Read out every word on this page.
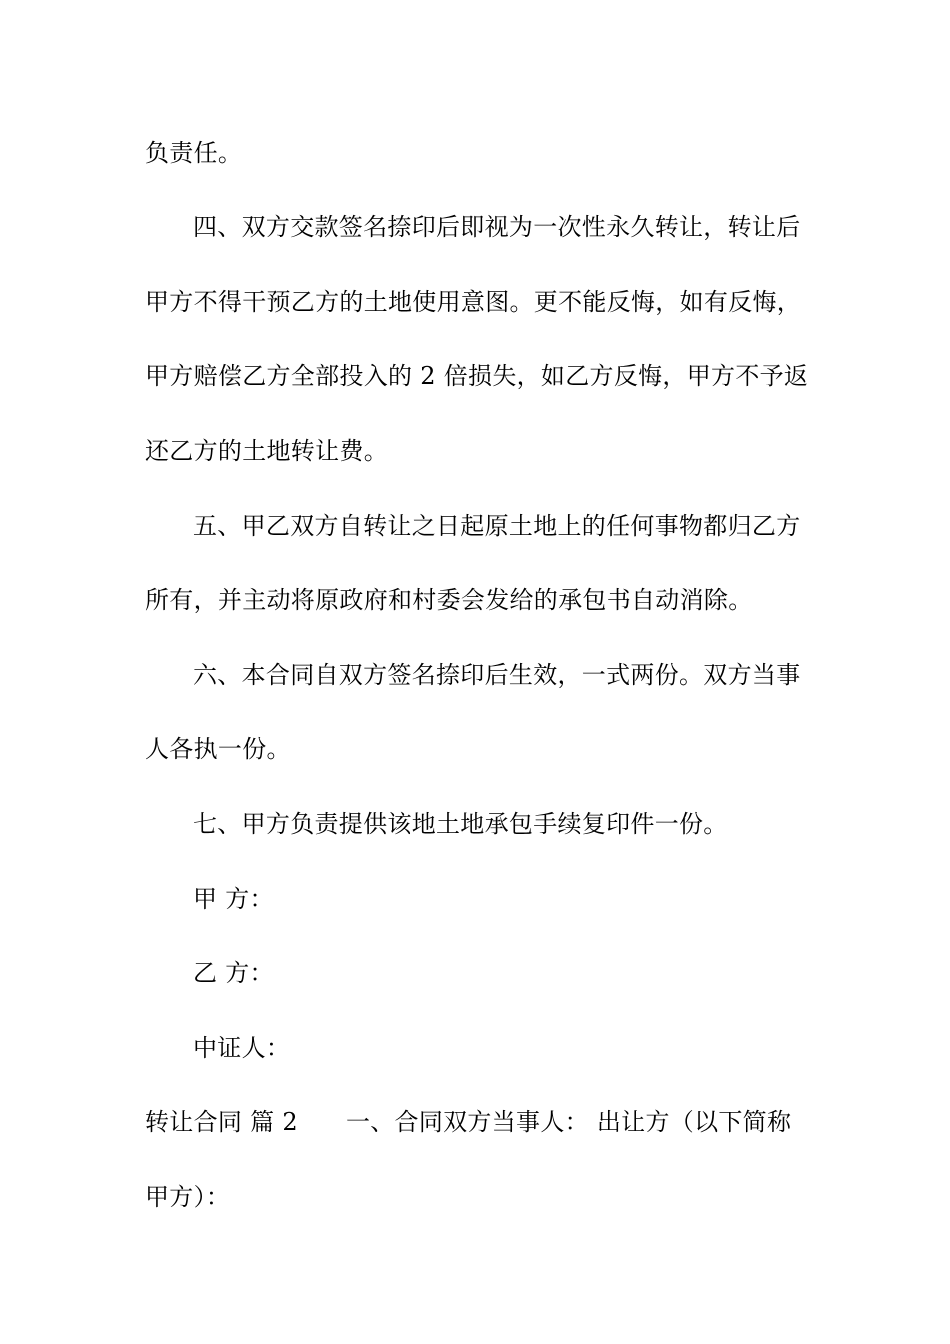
负责任。
四、双方交款签名捺印后即视为一次性永久转让，转让后
甲方不得干预乙方的土地使用意图。更不能反悔，如有反悔，
甲方赔偿乙方全部投入的 2 倍损失，如乙方反悔，甲方不予返
还乙方的土地转让费。
五、甲乙双方自转让之日起原土地上的任何事物都归乙方
所有，并主动将原政府和村委会发给的承包书自动消除。
六、本合同自双方签名捺印后生效，一式两份。双方当事
人各执一份。
七、甲方负责提供该地土地承包手续复印件一份。
甲 方：
乙 方：
中证人：
转让合同 篇 2 一、合同双方当事人： 出让方（以下简称
甲方）：
